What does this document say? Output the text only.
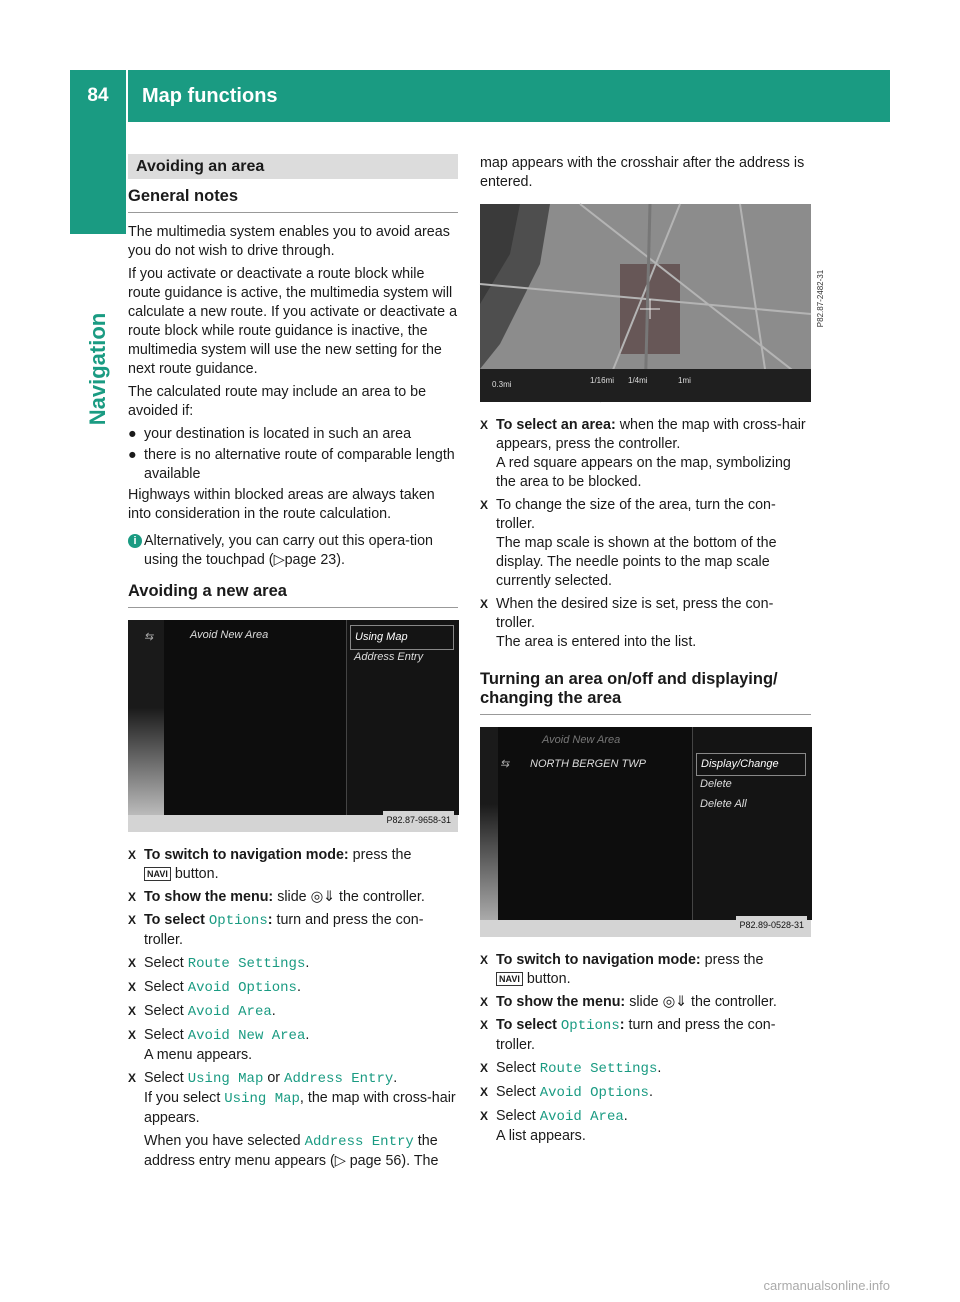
84	Map functions
Navigation
Avoiding an area
General notes

The multimedia system enables you to avoid areas you do not wish to drive through.

If you activate or deactivate a route block while route guidance is active, the multimedia system will calculate a new route. If you activate or deactivate a route block while route guidance is inactive, the multimedia system will use the new setting for the next route guidance.

The calculated route may include an area to be avoided if:

● your destination is located in such an area
● there is no alternative route of comparable length available

Highways within blocked areas are always taken into consideration in the route calculation.

i Alternatively, you can carry out this opera-tion using the touchpad (▷page 23).
Avoiding a new area
⇆	Avoid New Area	Using Map
Address Entry
P82.87-9658-31
X To switch to navigation mode: press the
NAVI button.
X To show the menu: slide ◎⇓ the controller.
X To select Options: turn and press the con-troller.
X Select Route Settings.
X Select Avoid Options.
X Select Avoid Area.
X Select Avoid New Area.
A menu appears.
X Select Using Map or Address Entry.
If you select Using Map, the map with cross-hair appears.
When you have selected Address Entry the address entry menu appears (▷ page 56). The

map appears with the crosshair after the address is entered.

0.3mi	1/16mi 1/4mi	1mi
P82.87-2482-31
X To select an area: when the map with cross-hair appears, press the controller.
A red square appears on the map, symbolizing the area to be blocked.
X To change the size of the area, turn the con-troller.
The map scale is shown at the bottom of the display. The needle points to the map scale currently selected.
X When the desired size is set, press the con-troller.
The area is entered into the list.
Turning an area on/off and displaying/ changing the area
Avoid New Area
⇆ NORTH BERGEN TWP	Display/Change
Delete
Delete All
P82.89-0528-31
X To switch to navigation mode: press the
NAVI button.
X To show the menu: slide ◎⇓ the controller.
X To select Options: turn and press the con-troller.
X Select Route Settings.
X Select Avoid Options.
X Select Avoid Area.
A list appears.
carmanualsonline.info
